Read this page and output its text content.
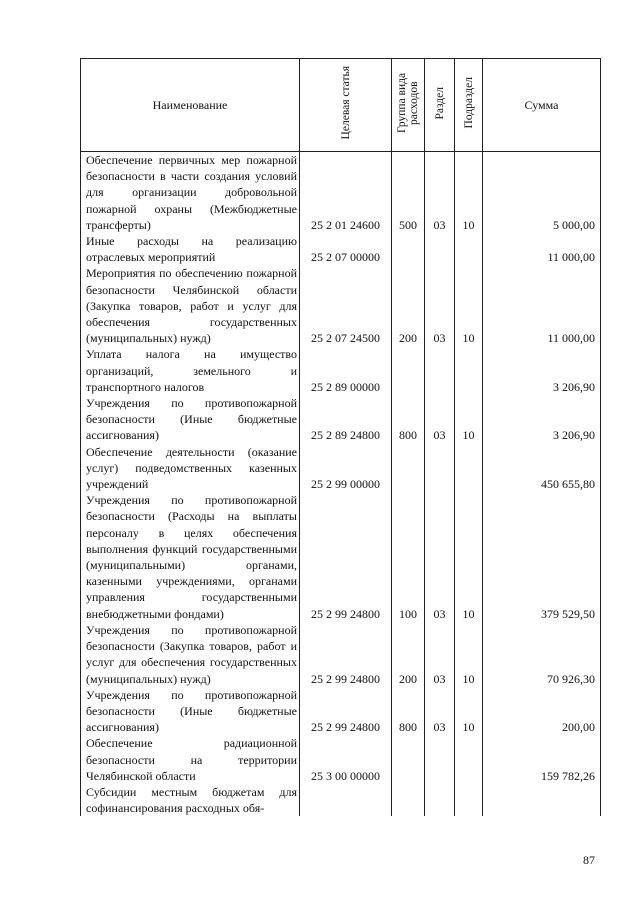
Наименование	Целевая статья	Группа вида расходов	Раздел	Подраздел	Сумма
Обеспечение первичных мер пожарной безопасности в части создания условий для организации добровольной пожарной охраны (Межбюджетные трансферты)	25 2 01 24600	500	03	10	5 000,00
Иные расходы на реализацию отраслевых мероприятий	25 2 07 00000				11 000,00
Мероприятия по обеспечению пожарной безопасности Челябинской области (Закупка товаров, работ и услуг для обеспечения государственных (муниципальных) нужд)	25 2 07 24500	200	03	10	11 000,00
Уплата налога на имущество организаций, земельного и транспортного налогов	25 2 89 00000				3 206,90
Учреждения по противопожарной безопасности (Иные бюджетные ассигнования)	25 2 89 24800	800	03	10	3 206,90
Обеспечение деятельности (оказание услуг) подведомственных казенных учреждений	25 2 99 00000				450 655,80
Учреждения по противопожарной безопасности (Расходы на выплаты персоналу в целях обеспечения выполнения функций государственными (муниципальными) органами, казенными учреждениями, органами управления государственными внебюджетными фондами)	25 2 99 24800	100	03	10	379 529,50
Учреждения по противопожарной безопасности (Закупка товаров, работ и услуг для обеспечения государственных (муниципальных) нужд)	25 2 99 24800	200	03	10	70 926,30
Учреждения по противопожарной безопасности (Иные бюджетные ассигнования)	25 2 99 24800	800	03	10	200,00
Обеспечение радиационной безопасности на территории Челябинской области	25 3 00 00000				159 782,26
Субсидии местным бюджетам для софинансирования расходных обя-					
87
